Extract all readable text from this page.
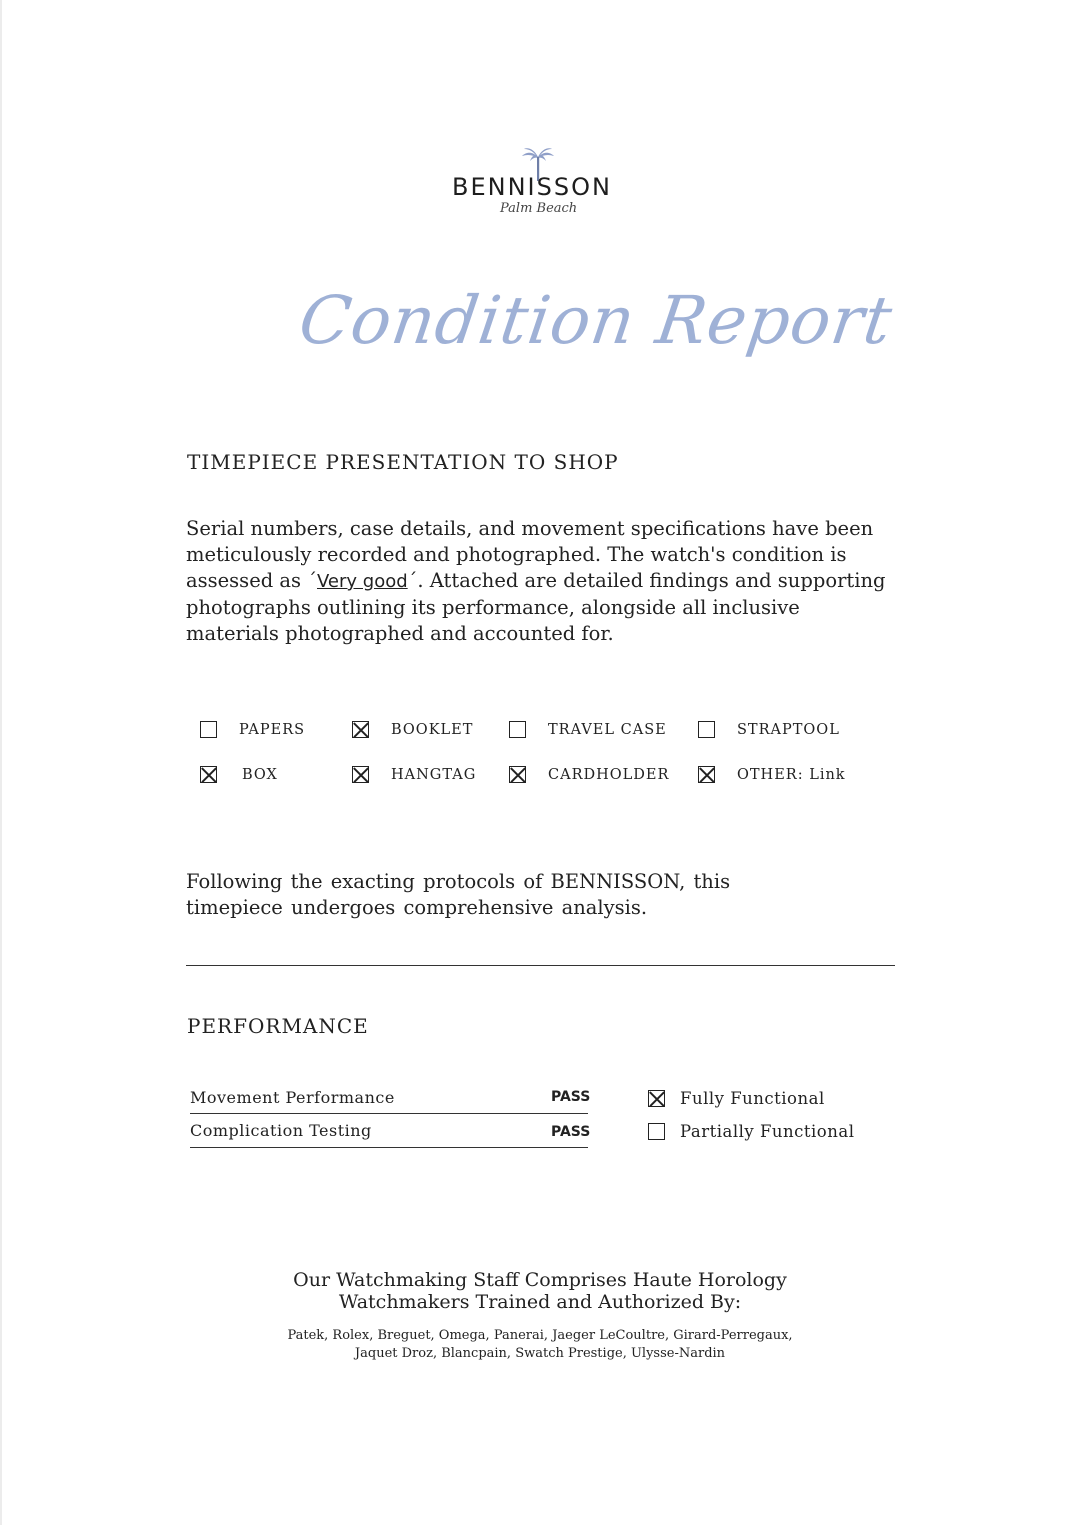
BENNISSON
Palm Beach
Condition Report
TIMEPIECE PRESENTATION TO SHOP
Serial numbers, case details, and movement specifications have been meticulously recorded and photographed. The watch's condition is assessed as ´Very good´. Attached are detailed findings and supporting photographs outlining its performance, alongside all inclusive materials photographed and accounted for.
PAPERS	BOOKLET	TRAVEL CASE	STRAPTOOL
BOX	HANGTAG	CARDHOLDER	OTHER: Link
Following the exacting protocols of BENNISSON, this timepiece undergoes comprehensive analysis.
PERFORMANCE
Movement Performance	PASS
Complication Testing	PASS
Fully Functional
Partially Functional
Our Watchmaking Staff Comprises Haute Horology
Watchmakers Trained and Authorized By:
Patek, Rolex, Breguet, Omega, Panerai, Jaeger LeCoultre, Girard-Perregaux,
Jaquet Droz, Blancpain, Swatch Prestige, Ulysse-Nardin
